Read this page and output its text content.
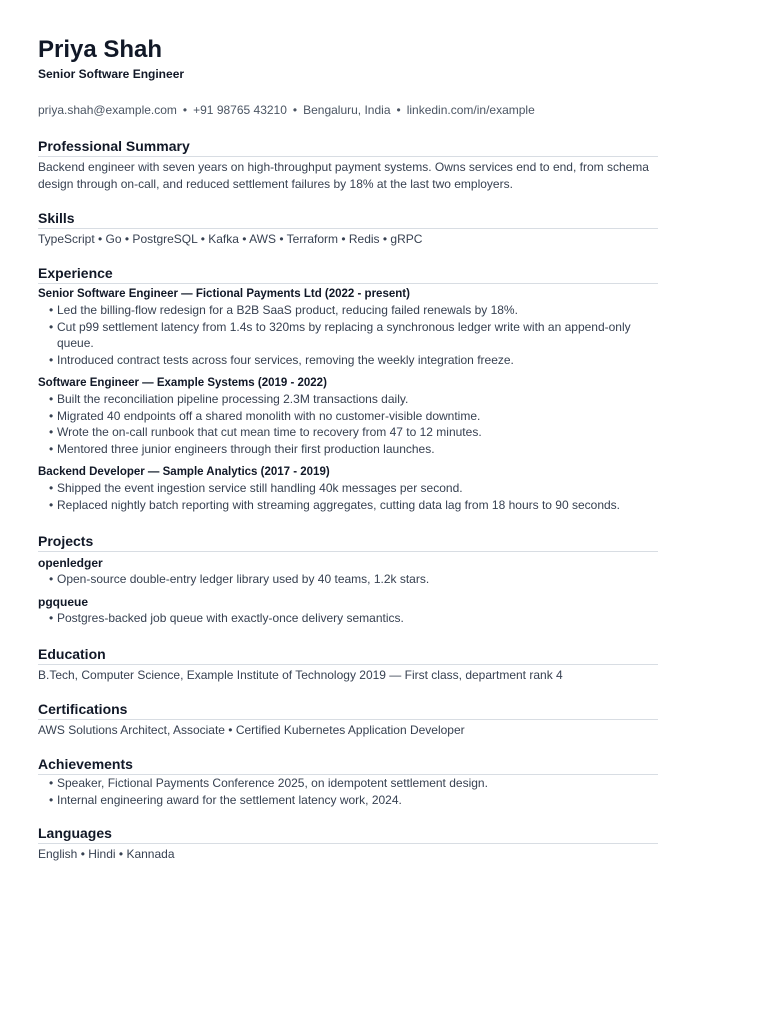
Priya Shah
Senior Software Engineer
priya.shah@example.com • +91 98765 43210 • Bengaluru, India • linkedin.com/in/example
Professional Summary
Backend engineer with seven years on high-throughput payment systems. Owns services end to end, from schema design through on-call, and reduced settlement failures by 18% at the last two employers.
Skills
TypeScript • Go • PostgreSQL • Kafka • AWS • Terraform • Redis • gRPC
Experience
Senior Software Engineer — Fictional Payments Ltd (2022 - present)
• Led the billing-flow redesign for a B2B SaaS product, reducing failed renewals by 18%.
• Cut p99 settlement latency from 1.4s to 320ms by replacing a synchronous ledger write with an append-only queue.
• Introduced contract tests across four services, removing the weekly integration freeze.
Software Engineer — Example Systems (2019 - 2022)
• Built the reconciliation pipeline processing 2.3M transactions daily.
• Migrated 40 endpoints off a shared monolith with no customer-visible downtime.
• Wrote the on-call runbook that cut mean time to recovery from 47 to 12 minutes.
• Mentored three junior engineers through their first production launches.
Backend Developer — Sample Analytics (2017 - 2019)
• Shipped the event ingestion service still handling 40k messages per second.
• Replaced nightly batch reporting with streaming aggregates, cutting data lag from 18 hours to 90 seconds.
Projects
openledger
• Open-source double-entry ledger library used by 40 teams, 1.2k stars.
pgqueue
• Postgres-backed job queue with exactly-once delivery semantics.
Education
B.Tech, Computer Science, Example Institute of Technology 2019 — First class, department rank 4
Certifications
AWS Solutions Architect, Associate • Certified Kubernetes Application Developer
Achievements
• Speaker, Fictional Payments Conference 2025, on idempotent settlement design.
• Internal engineering award for the settlement latency work, 2024.
Languages
English • Hindi • Kannada
